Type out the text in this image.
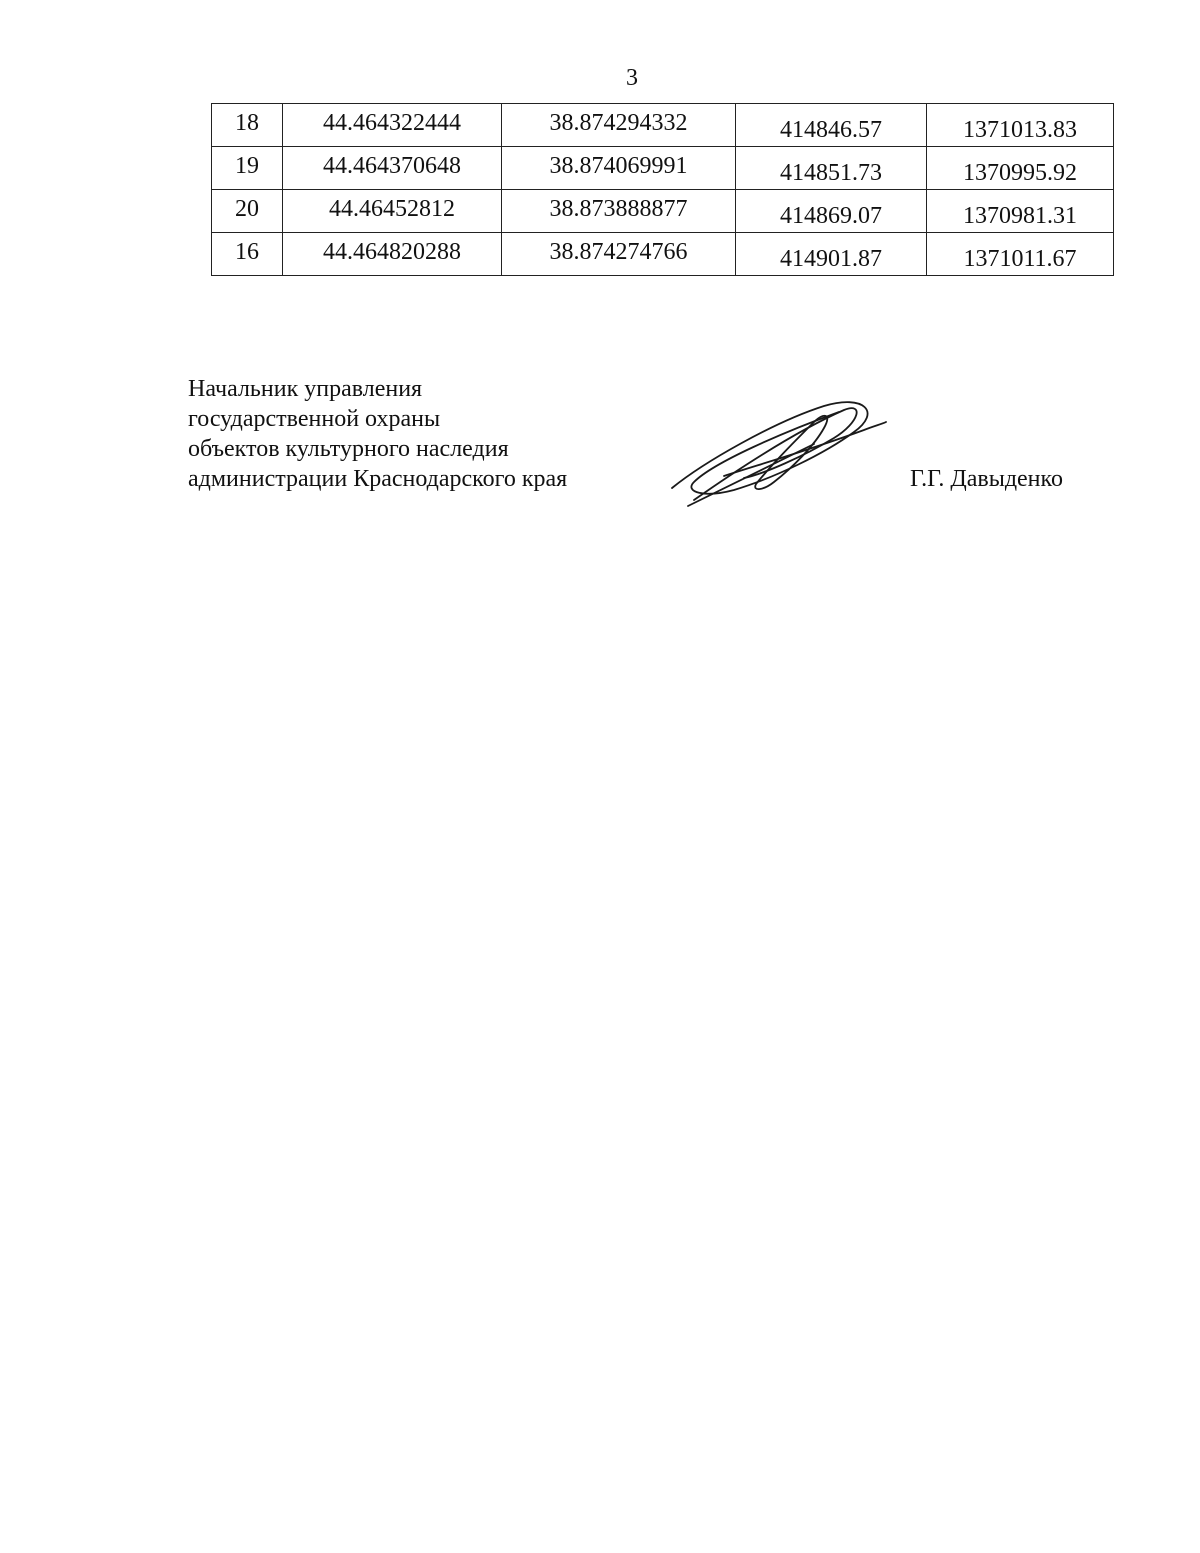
3
18	44.464322444	38.874294332	414846.57	1371013.83
19	44.464370648	38.874069991	414851.73	1370995.92
20	44.46452812	38.873888877	414869.07	1370981.31
16	44.464820288	38.874274766	414901.87	1371011.67
Начальник управления
государственной охраны
объектов культурного наследия
администрации Краснодарского края	Г.Г. Давыденко
